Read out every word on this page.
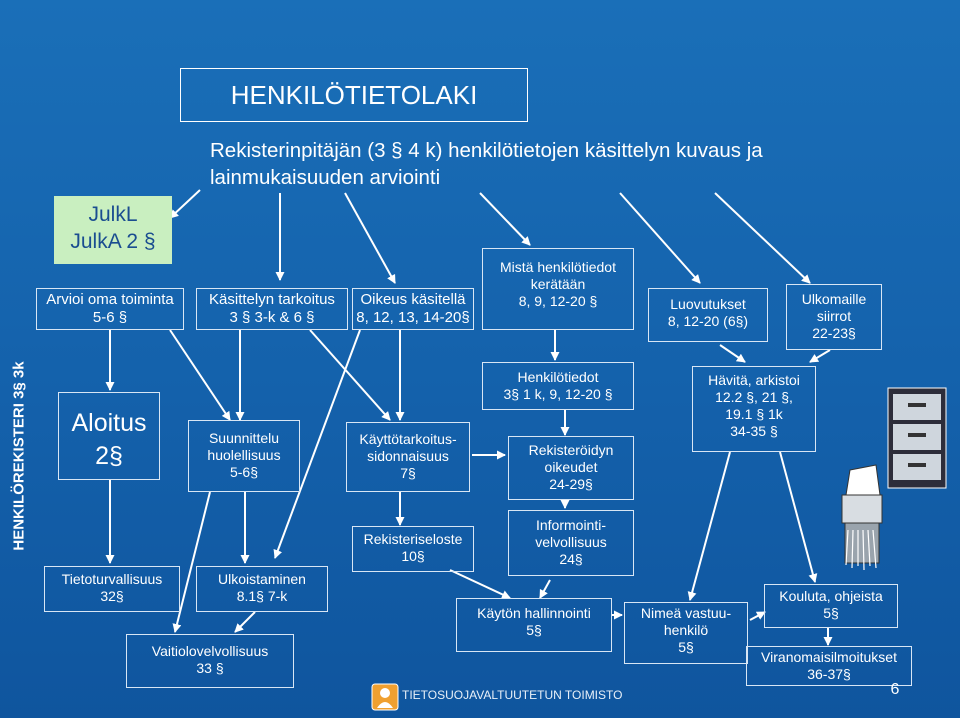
HENKILÖTIETOLAKI
Rekisterinpitäjän (3 § 4 k) henkilötietojen käsittelyn kuvaus ja
lainmukaisuuden arviointi
JulkL
JulkA 2 §
HENKILÖREKISTERI 3§ 3k
Arvioi oma toiminta
5-6 §
Käsittelyn tarkoitus
3 § 3-k & 6 §
Oikeus käsitellä
8, 12, 13, 14-20§
Mistä henkilötiedot
kerätään
8, 9, 12-20 §	Luovutukset
8, 12-20 (6§)
Ulkomaille
siirrot
22-23§
Aloitus
2§
Suunnittelu
huolellisuus
5-6§
Käyttötarkoitus-
sidonnaisuus
7§
Henkilötiedot
3§ 1 k, 9, 12-20 §
Rekisteröidyn
oikeudet
24-29§
Hävitä, arkistoi
12.2 §, 21 §,
19.1 § 1k
34-35 §
Rekisteriseloste
10§
Informointi-
velvollisuus
24§
Tietoturvallisuus
32§
Ulkoistaminen
8.1§ 7-k
Käytön hallinnointi
5§
Nimeä vastuu-
henkilö
5§
Kouluta, ohjeista
5§
Vaitiolovelvollisuus
33 §
Viranomaisilmoitukset
36-37§
TIETOSUOJAVALTUUTETUN TOIMISTO	6
